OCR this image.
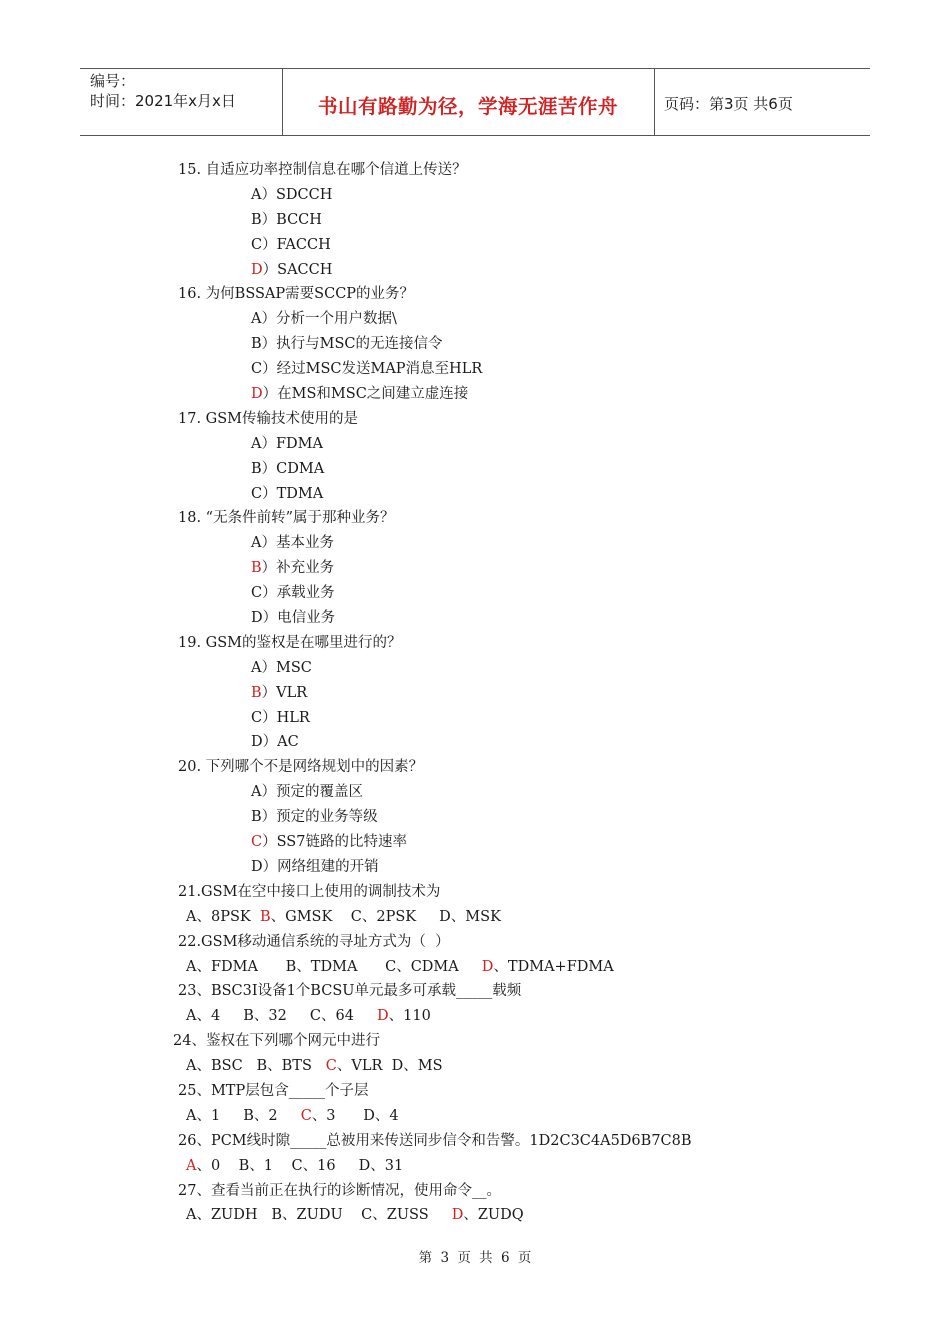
编号：
时间：2021年x月x日	书山有路勤为径，学海无涯苦作舟	页码：第3页 共6页
15. 自适应功率控制信息在哪个信道上传送？
A）SDCCH
B）BCCH
C）FACCH
D）SACCH
16. 为何BSSAP需要SCCP的业务？
A）分析一个用户数据\
B）执行与MSC的无连接信令
C）经过MSC发送MAP消息至HLR
D）在MS和MSC之间建立虚连接
17. GSM传输技术使用的是
A）FDMA
B）CDMA
C）TDMA
18. “无条件前转”属于那种业务？
A）基本业务
B）补充业务
C）承载业务
D）电信业务
19. GSM的鉴权是在哪里进行的？
A）MSC
B）VLR
C）HLR
D）AC
20. 下列哪个不是网络规划中的因素？
A）预定的覆盖区
B）预定的业务等级
C）SS7链路的比特速率
D）网络组建的开销
21.GSM在空中接口上使用的调制技术为
A、8PSK B、GMSK C、2PSK D、MSK
22.GSM移动通信系统的寻址方式为（  ）
A、FDMA B、TDMA C、CDMA D、TDMA+FDMA
23、BSC3I设备1个BCSU单元最多可承载_____载频
A、4 B、32 C、64 D、110
24、鉴权在下列哪个网元中进行
A、BSC B、BTS C、VLR D、MS
25、MTP层包含_____个子层
A、1 B、2 C、3 D、4
26、PCM线时隙_____总被用来传送同步信令和告警。1D2C3C4A5D6B7C8B
A、0 B、1 C、16 D、31
27、查看当前正在执行的诊断情况，使用命令__。
A、ZUDH B、ZUDU C、ZUSS D、ZUDQ
第 3 页 共 6 页
